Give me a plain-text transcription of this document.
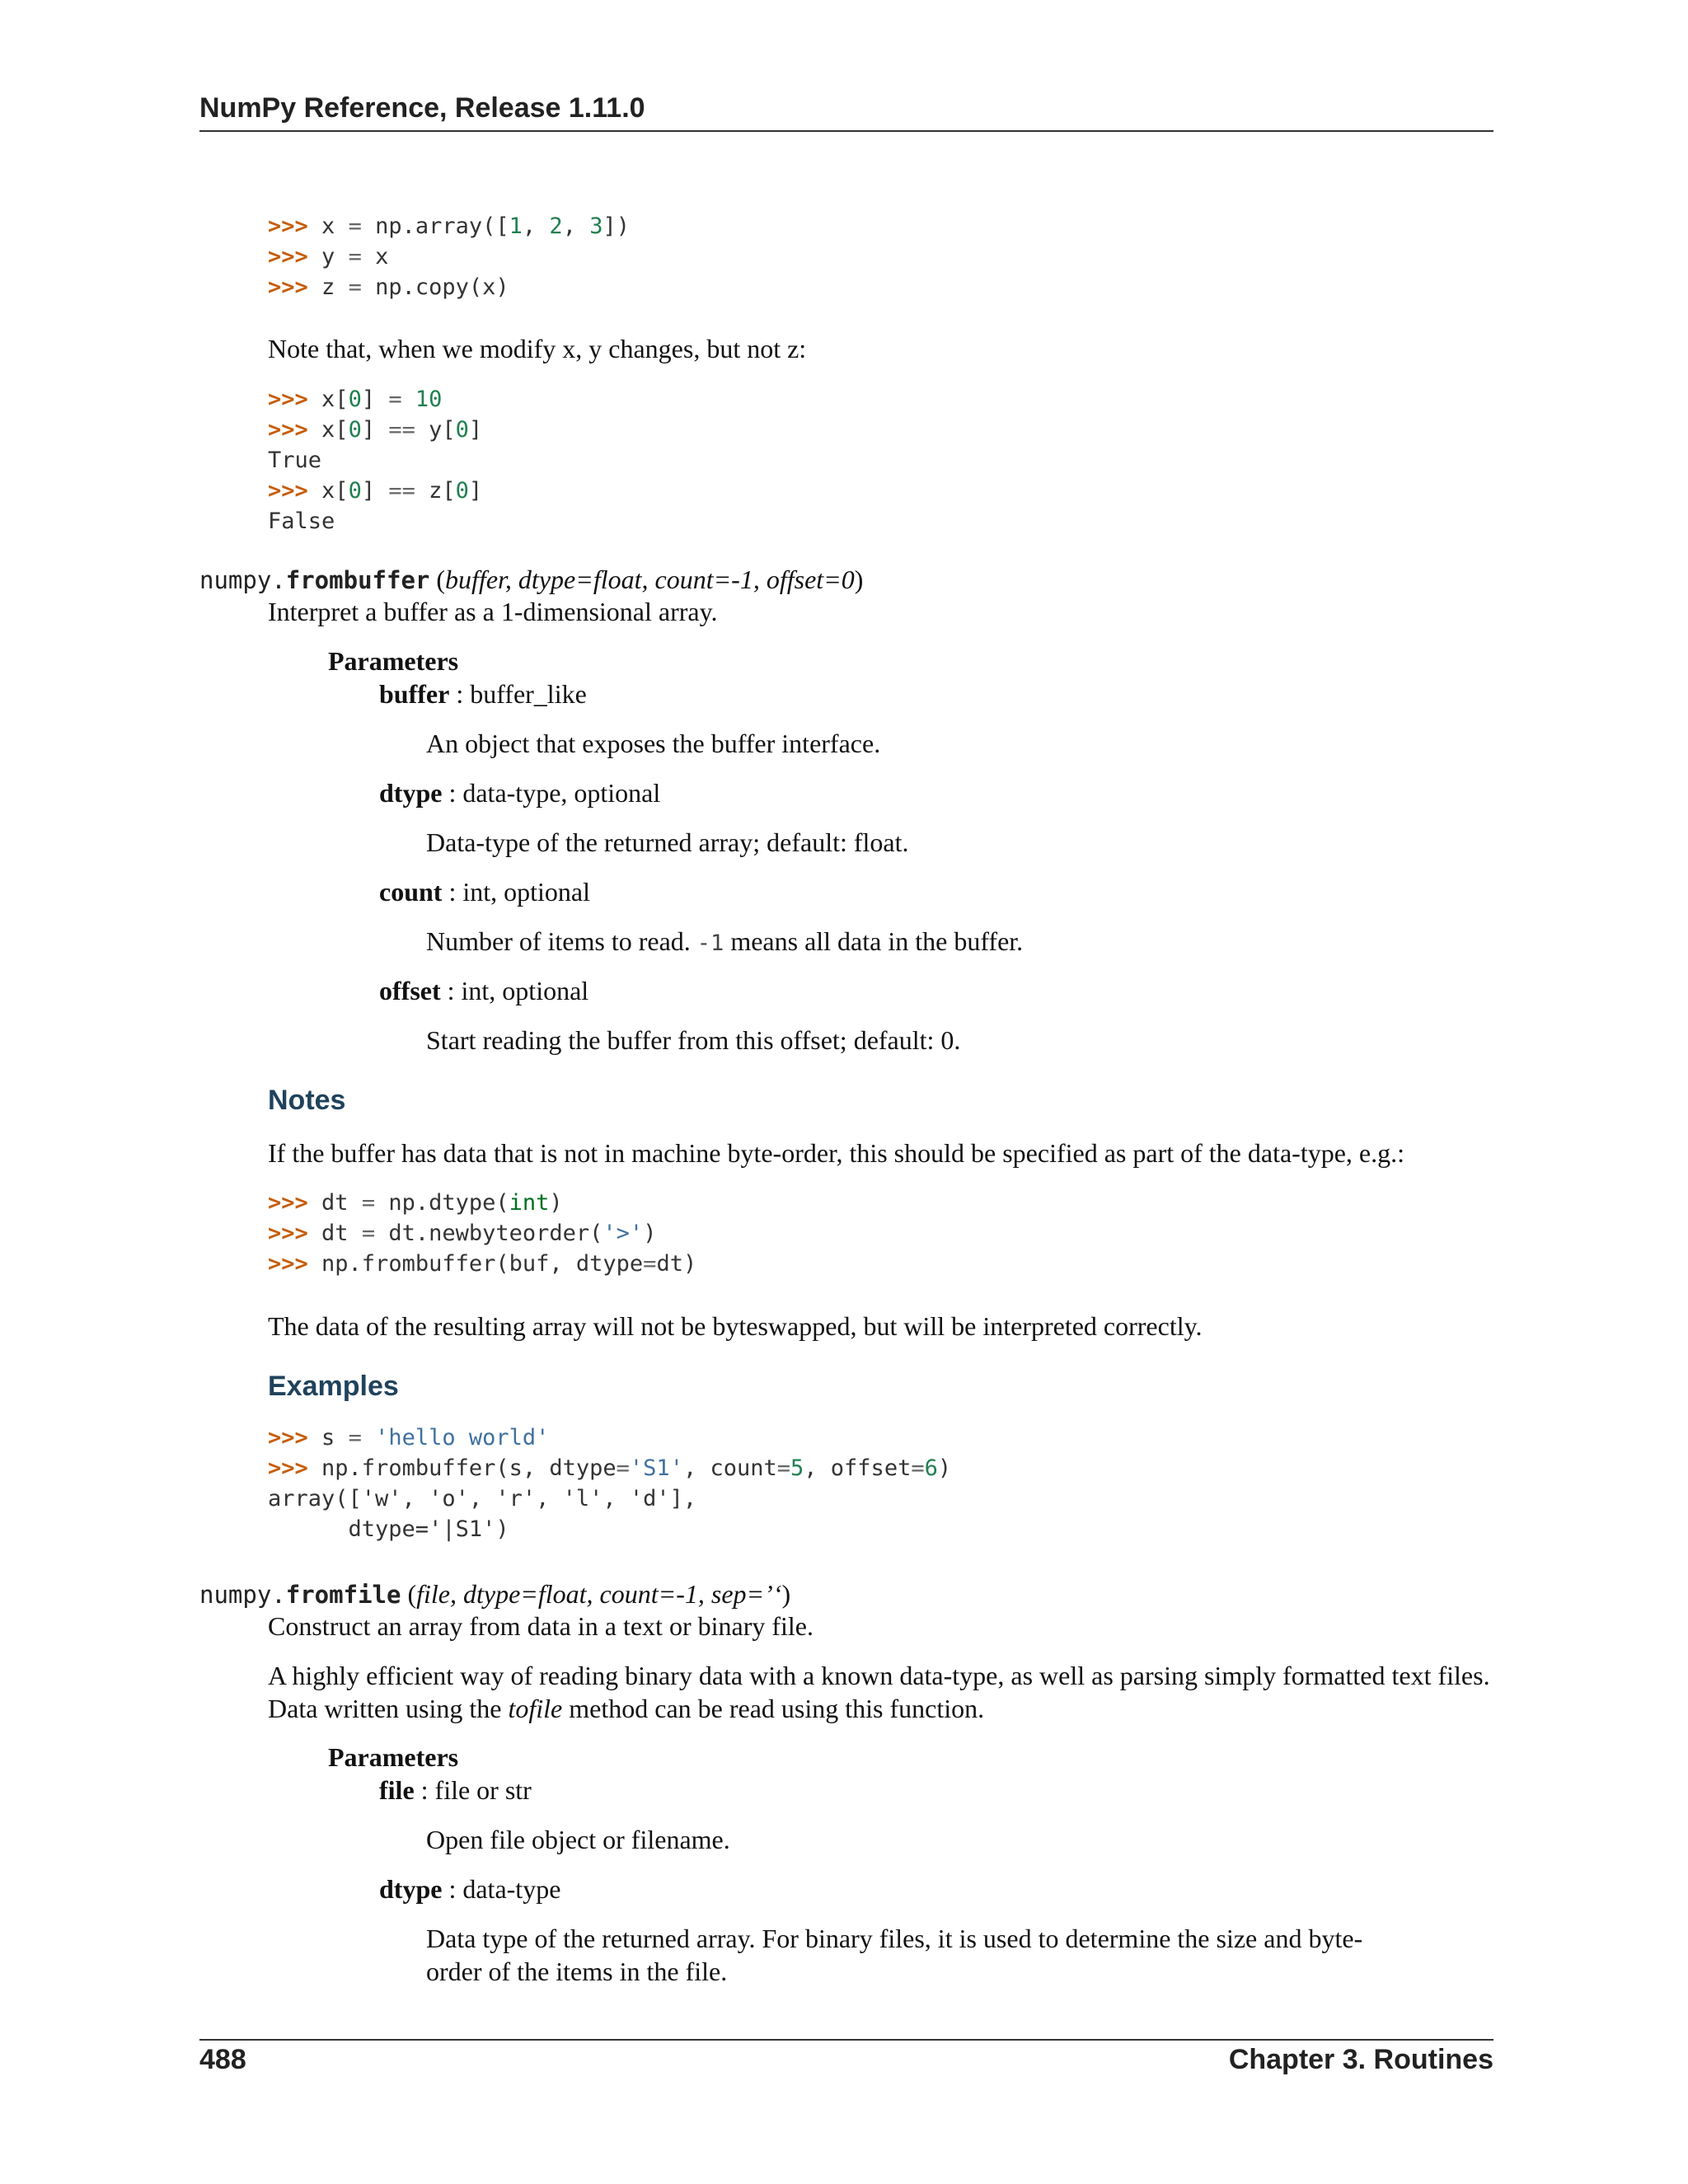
NumPy Reference, Release 1.11.0
>>> x = np.array([1, 2, 3])
>>> y = x
>>> z = np.copy(x)
Note that, when we modify x, y changes, but not z:
>>> x[0] = 10
>>> x[0] == y[0]
True
>>> x[0] == z[0]
False
numpy.frombuffer (buffer, dtype=float, count=-1, offset=0)
Interpret a buffer as a 1-dimensional array.
Parameters
buffer : buffer_like
An object that exposes the buffer interface.
dtype : data-type, optional
Data-type of the returned array; default: float.
count : int, optional
Number of items to read. -1 means all data in the buffer.
offset : int, optional
Start reading the buffer from this offset; default: 0.
Notes
If the buffer has data that is not in machine byte-order, this should be specified as part of the data-type, e.g.:
>>> dt = np.dtype(int)
>>> dt = dt.newbyteorder('>')
>>> np.frombuffer(buf, dtype=dt)
The data of the resulting array will not be byteswapped, but will be interpreted correctly.
Examples
>>> s = 'hello world'
>>> np.frombuffer(s, dtype='S1', count=5, offset=6)
array(['w', 'o', 'r', 'l', 'd'],
dtype='|S1')
numpy.fromfile (file, dtype=float, count=-1, sep=’‘)
Construct an array from data in a text or binary file.
A highly efficient way of reading binary data with a known data-type, as well as parsing simply formatted text files. Data written using the tofile method can be read using this function.
Parameters
file : file or str
Open file object or filename.
dtype : data-type
Data type of the returned array. For binary files, it is used to determine the size and byte-order of the items in the file.
488	Chapter 3. Routines
